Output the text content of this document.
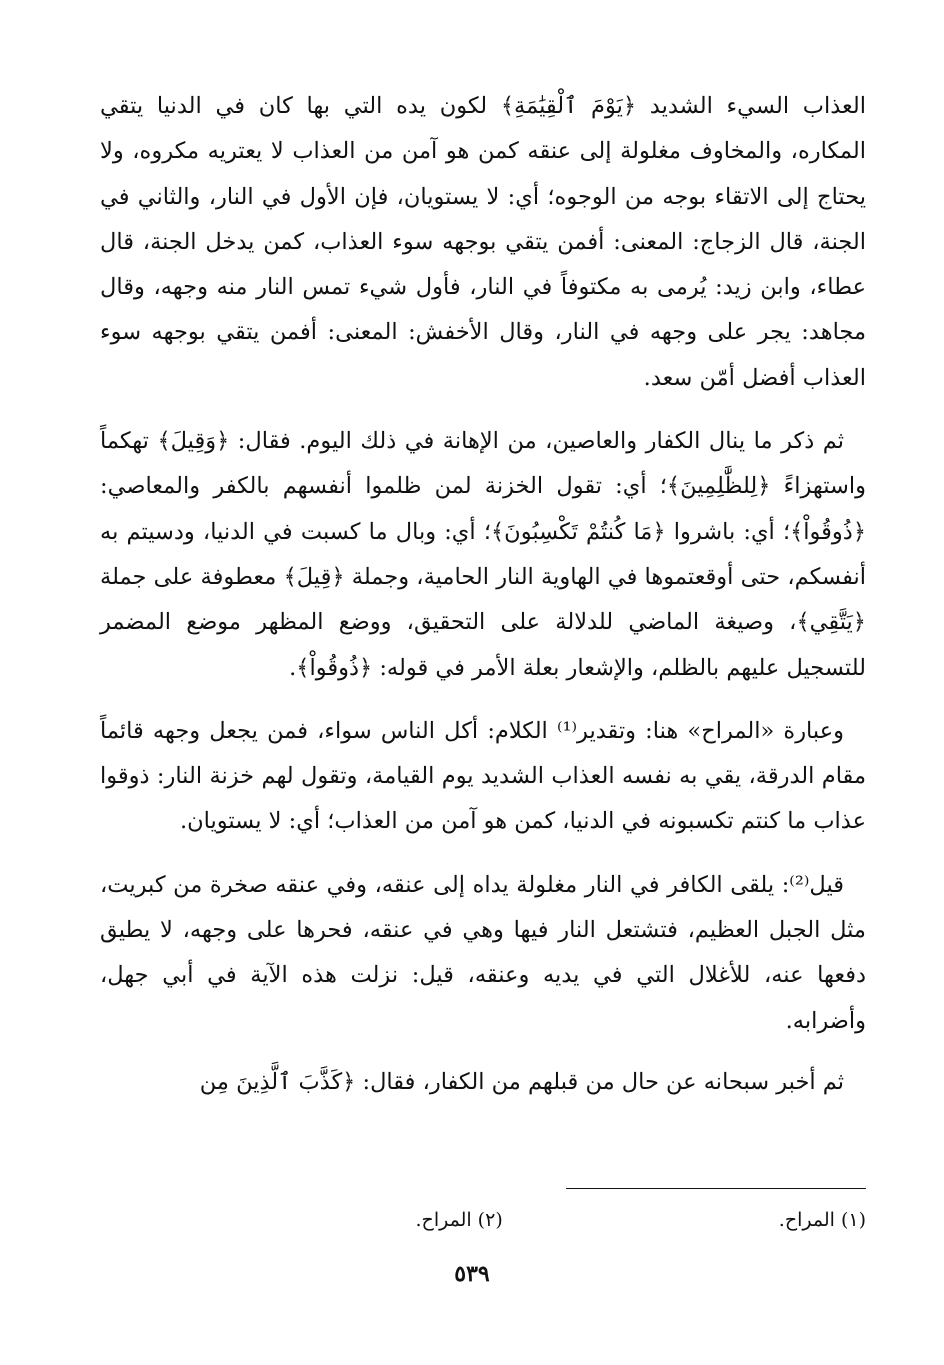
العذاب السيء الشديد ﴿يَوْمَ ٱلْقِيَٰمَةِ﴾ لكون يده التي بها كان في الدنيا يتقي المكاره، والمخاوف مغلولة إلى عنقه كمن هو آمن من العذاب لا يعتريه مكروه، ولا يحتاج إلى الاتقاء بوجه من الوجوه؛ أي: لا يستويان، فإن الأول في النار، والثاني في الجنة، قال الزجاج: المعنى: أفمن يتقي بوجهه سوء العذاب، كمن يدخل الجنة، قال عطاء، وابن زيد: يُرمى به مكتوفاً في النار، فأول شيء تمس النار منه وجهه، وقال مجاهد: يجر على وجهه في النار، وقال الأخفش: المعنى: أفمن يتقي بوجهه سوء العذاب أفضل أمّن سعد.

ثم ذكر ما ينال الكفار والعاصين، من الإهانة في ذلك اليوم. فقال: ﴿وَقِيلَ﴾ تهكماً واستهزاءً ﴿لِلظَّٰلِمِينَ﴾؛ أي: تقول الخزنة لمن ظلموا أنفسهم بالكفر والمعاصي: ﴿ذُوقُواْ﴾؛ أي: باشروا ﴿مَا كُنتُمْ تَكْسِبُونَ﴾؛ أي: وبال ما كسبت في الدنيا، ودسيتم به أنفسكم، حتى أوقعتموها في الهاوية النار الحامية، وجملة ﴿قِيلَ﴾ معطوفة على جملة ﴿يَتَّقِي﴾، وصيغة الماضي للدلالة على التحقيق، ووضع المظهر موضع المضمر للتسجيل عليهم بالظلم، والإشعار بعلة الأمر في قوله: ﴿ذُوقُواْ﴾.

وعبارة «المراح» هنا: وتقدير⁽¹⁾ الكلام: أكل الناس سواء، فمن يجعل وجهه قائماً مقام الدرقة، يقي به نفسه العذاب الشديد يوم القيامة، وتقول لهم خزنة النار: ذوقوا عذاب ما كنتم تكسبونه في الدنيا، كمن هو آمن من العذاب؛ أي: لا يستويان.

قيل⁽²⁾: يلقى الكافر في النار مغلولة يداه إلى عنقه، وفي عنقه صخرة من كبريت، مثل الجبل العظيم، فتشتعل النار فيها وهي في عنقه، فحرها على وجهه، لا يطيق دفعها عنه، للأغلال التي في يديه وعنقه، قيل: نزلت هذه الآية في أبي جهل، وأضرابه.

ثم أخبر سبحانه عن حال من قبلهم من الكفار، فقال: ﴿كَذَّبَ ٱلَّذِينَ مِن

(١) المراح. (٢) المراح.
٥٣٩
